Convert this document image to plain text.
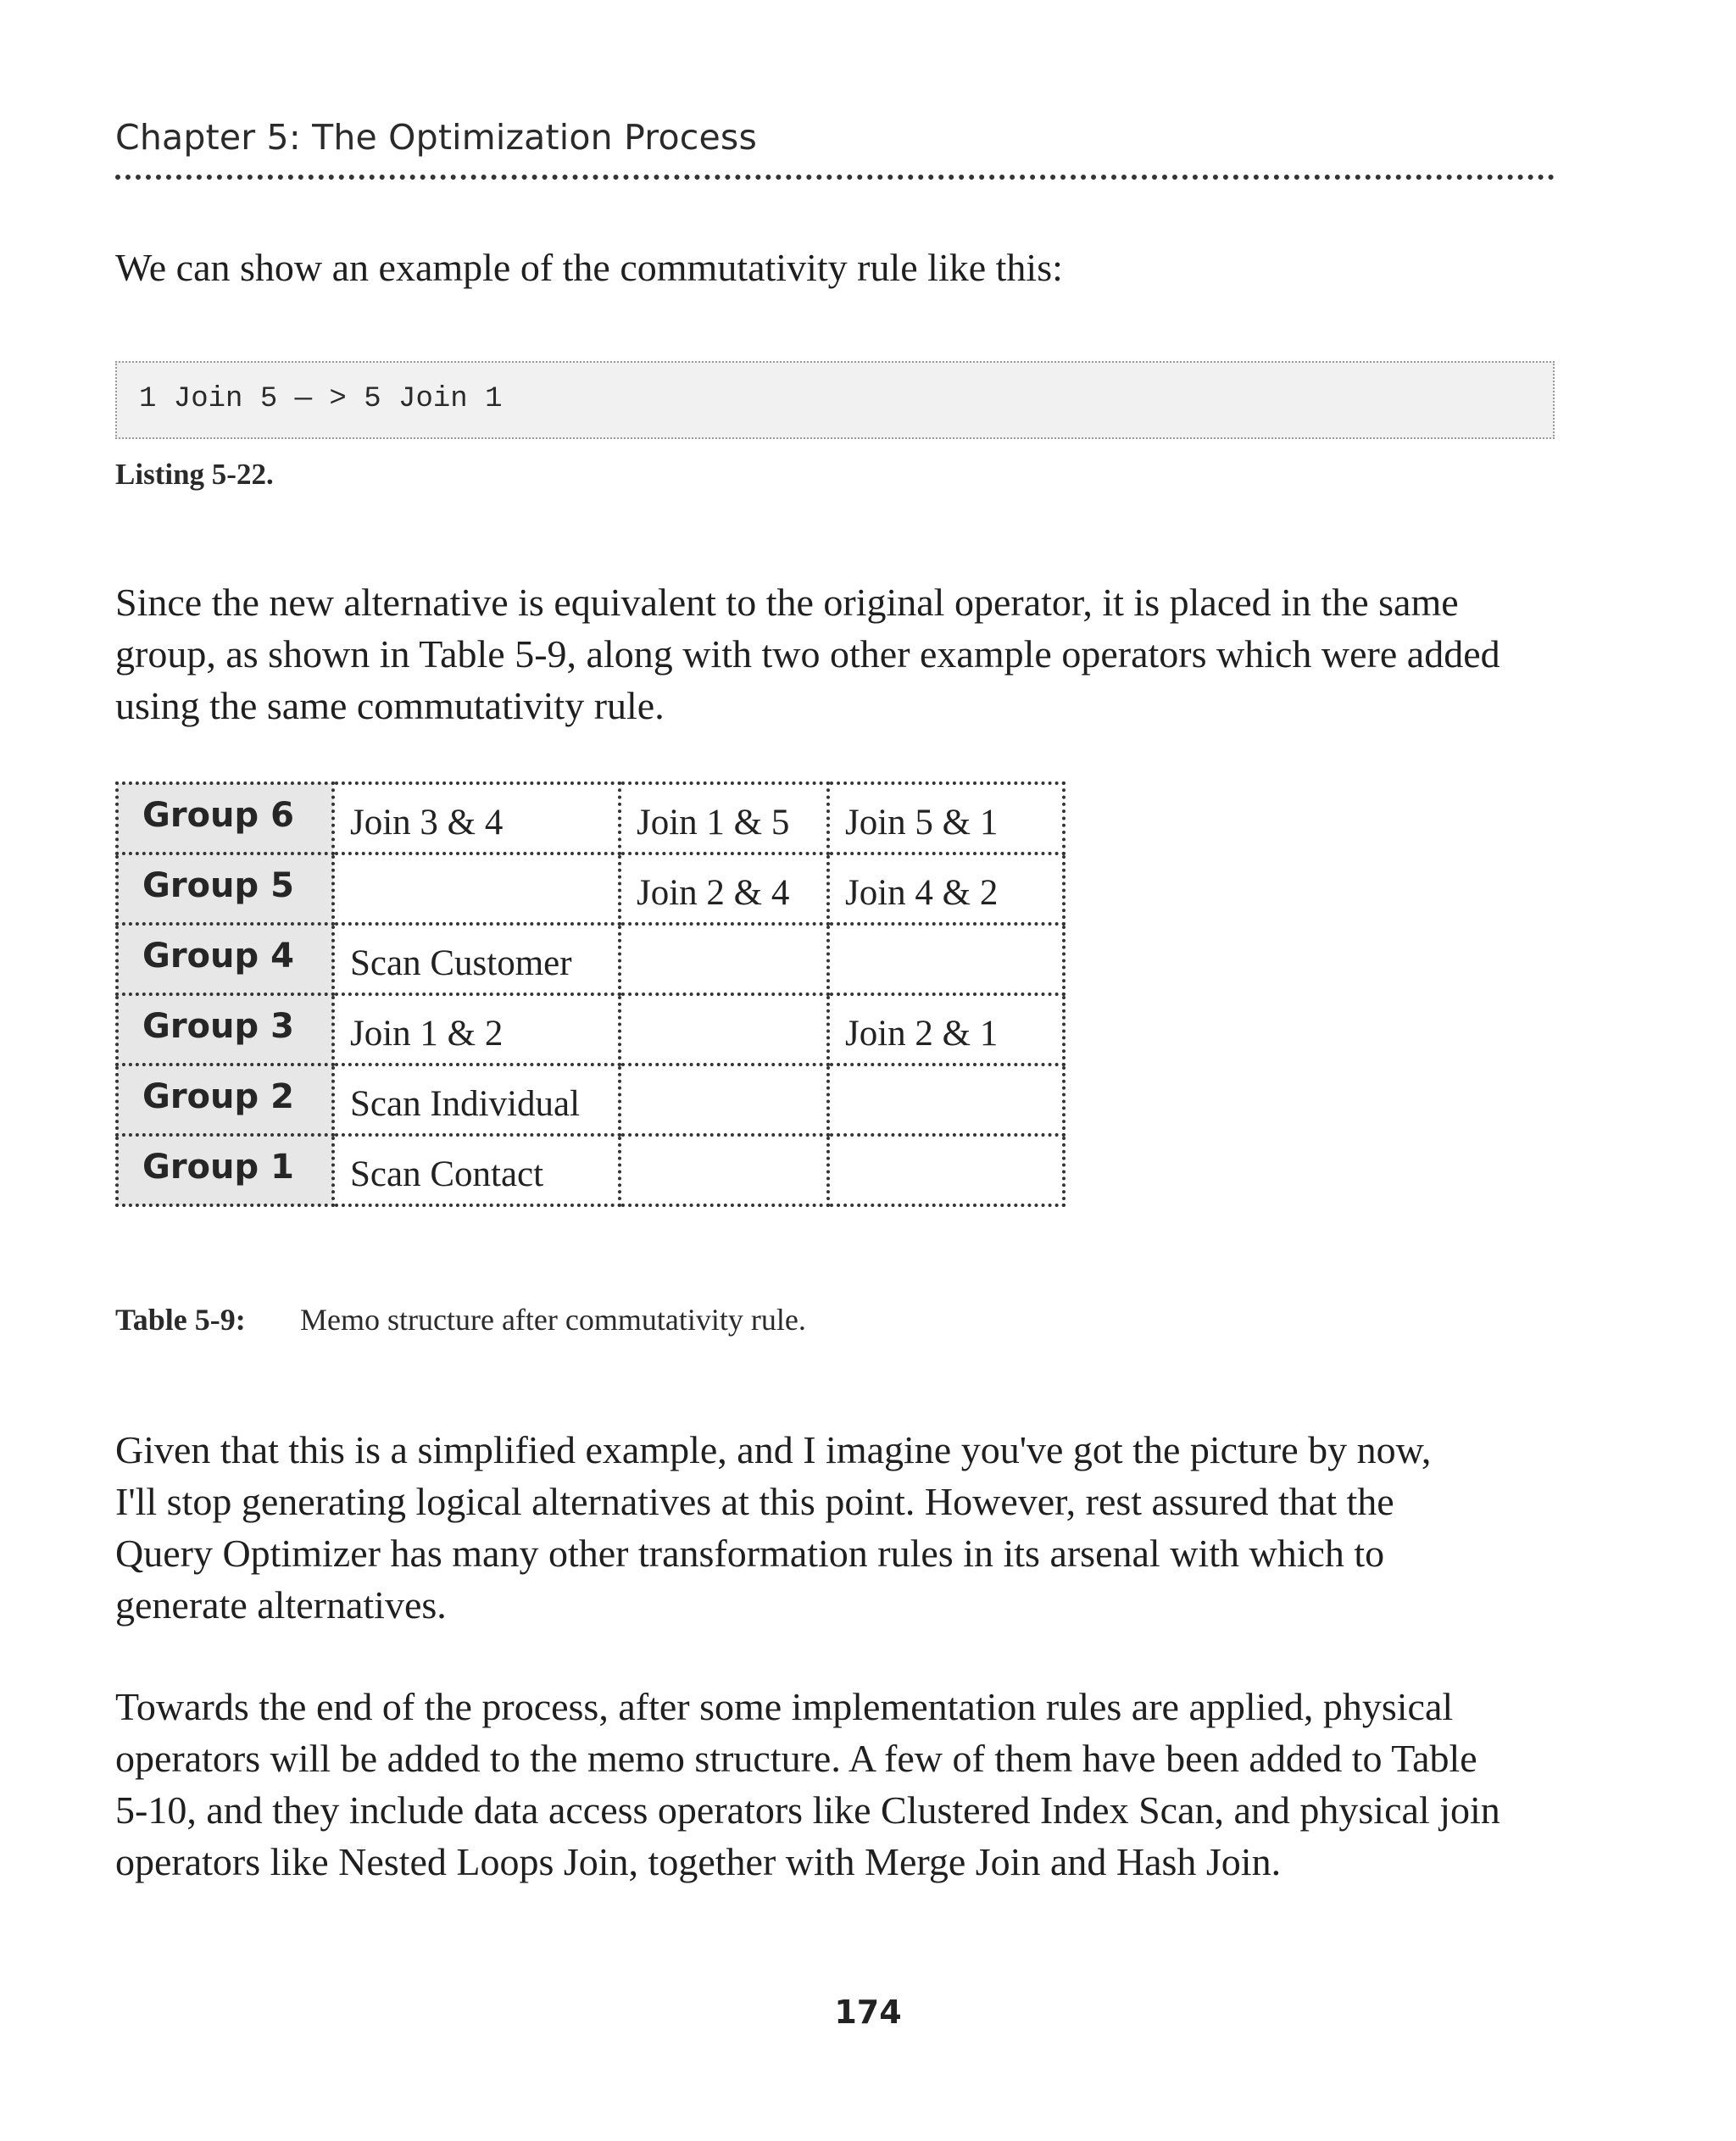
Chapter 5: The Optimization Process

We can show an example of the commutativity rule like this:

1 Join 5 — > 5 Join 1
Listing 5-22.

Since the new alternative is equivalent to the original operator, it is placed in the same
group, as shown in Table 5-9, along with two other example operators which were added
using the same commutativity rule.

Group 6	Join 3 & 4	Join 1 & 5	Join 5 & 1
Group 5		Join 2 & 4	Join 4 & 2
Group 4	Scan Customer		
Group 3	Join 1 & 2		Join 2 & 1
Group 2	Scan Individual		
Group 1	Scan Contact		
Table 5-9: Memo structure after commutativity rule.

Given that this is a simplified example, and I imagine you've got the picture by now,
I'll stop generating logical alternatives at this point. However, rest assured that the
Query Optimizer has many other transformation rules in its arsenal with which to
generate alternatives.

Towards the end of the process, after some implementation rules are applied, physical
operators will be added to the memo structure. A few of them have been added to Table
5-10, and they include data access operators like Clustered Index Scan, and physical join
operators like Nested Loops Join, together with Merge Join and Hash Join.

174
